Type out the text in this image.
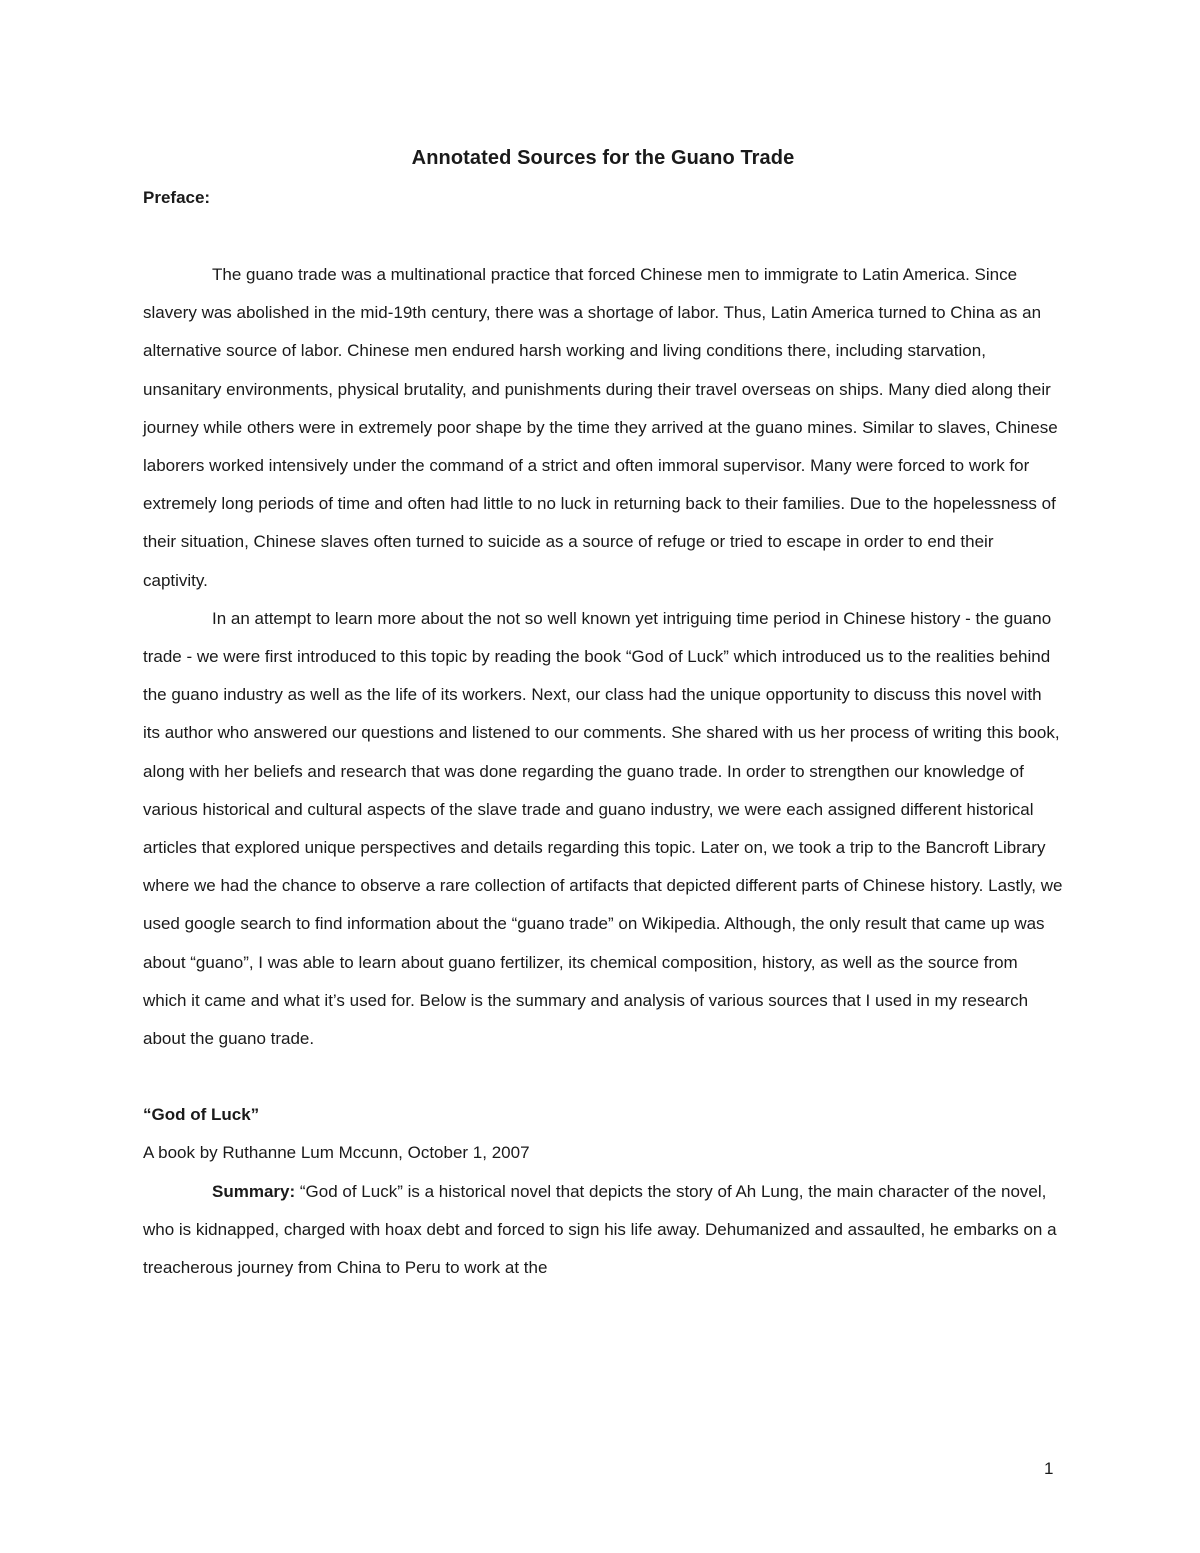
Annotated Sources for the Guano Trade

Preface:

The guano trade was a multinational practice that forced Chinese men to immigrate to Latin America. Since slavery was abolished in the mid-19th century, there was a shortage of labor. Thus, Latin America turned to China as an alternative source of labor. Chinese men endured harsh working and living conditions there, including starvation, unsanitary environments, physical brutality, and punishments during their travel overseas on ships. Many died along their journey while others were in extremely poor shape by the time they arrived at the guano mines. Similar to slaves, Chinese laborers worked intensively under the command of a strict and often immoral supervisor. Many were forced to work for extremely long periods of time and often had little to no luck in returning back to their families. Due to the hopelessness of their situation, Chinese slaves often turned to suicide as a source of refuge or tried to escape in order to end their captivity.

In an attempt to learn more about the not so well known yet intriguing time period in Chinese history - the guano trade - we were first introduced to this topic by reading the book “God of Luck” which introduced us to the realities behind the guano industry as well as the life of its workers. Next, our class had the unique opportunity to discuss this novel with its author who answered our questions and listened to our comments. She shared with us her process of writing this book, along with her beliefs and research that was done regarding the guano trade. In order to strengthen our knowledge of various historical and cultural aspects of the slave trade and guano industry, we were each assigned different historical articles that explored unique perspectives and details regarding this topic. Later on, we took a trip to the Bancroft Library where we had the chance to observe a rare collection of artifacts that depicted different parts of Chinese history. Lastly, we used google search to find information about the “guano trade” on Wikipedia. Although, the only result that came up was about “guano”, I was able to learn about guano fertilizer, its chemical composition, history, as well as the source from which it came and what it’s used for. Below is the summary and analysis of various sources that I used in my research about the guano trade.

“God of Luck”

A book by Ruthanne Lum Mccunn, October 1, 2007

Summary: “God of Luck” is a historical novel that depicts the story of Ah Lung, the main character of the novel, who is kidnapped, charged with hoax debt and forced to sign his life away. Dehumanized and assaulted, he embarks on a treacherous journey from China to Peru to work at the

1
